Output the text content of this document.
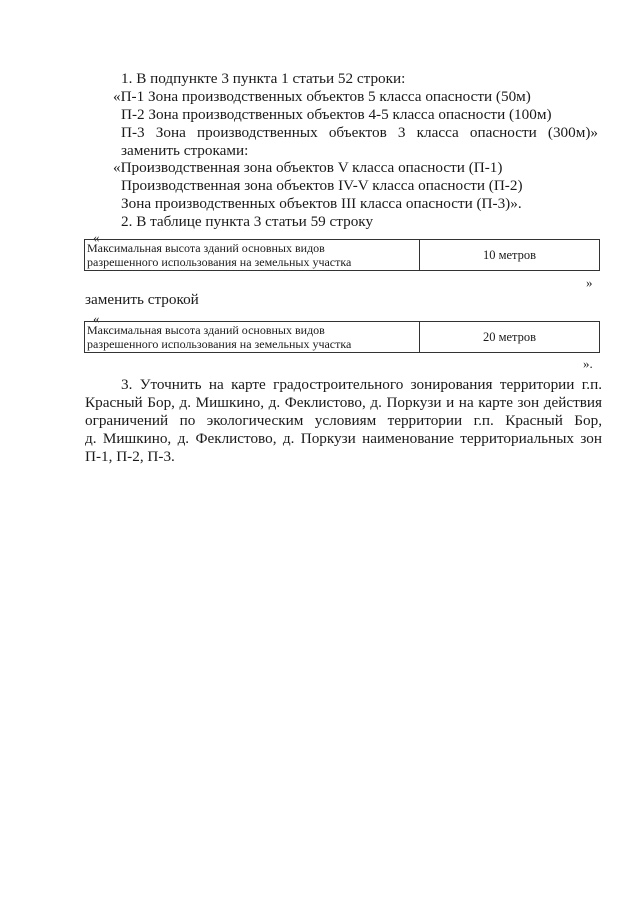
1. В подпункте 3 пункта 1 статьи 52 строки:
«П-1 Зона производственных объектов 5 класса опасности (50м)
П-2 Зона производственных объектов 4-5 класса опасности (100м)
П-3 Зона производственных объектов 3 класса опасности (300м)»
заменить строками:
«Производственная зона объектов V класса опасности (П-1)
Производственная зона объектов IV-V класса опасности (П-2)
Зона производственных объектов III класса опасности (П-3)».
2. В таблице пункта 3 статьи 59 строку
«
Максимальная высота зданий основных видов
разрешенного использования на земельных участка	10 метров
»
заменить строкой
«
Максимальная высота зданий основных видов
разрешенного использования на земельных участка	20 метров
».
3. Уточнить на карте градостроительного зонирования территории г.п.
Красный Бор, д. Мишкино, д. Феклистово, д. Поркузи и на карте зон действия
ограничений по экологическим условиям территории г.п. Красный Бор,
д. Мишкино, д. Феклистово, д. Поркузи наименование территориальных зон
П-1, П-2, П-3.
